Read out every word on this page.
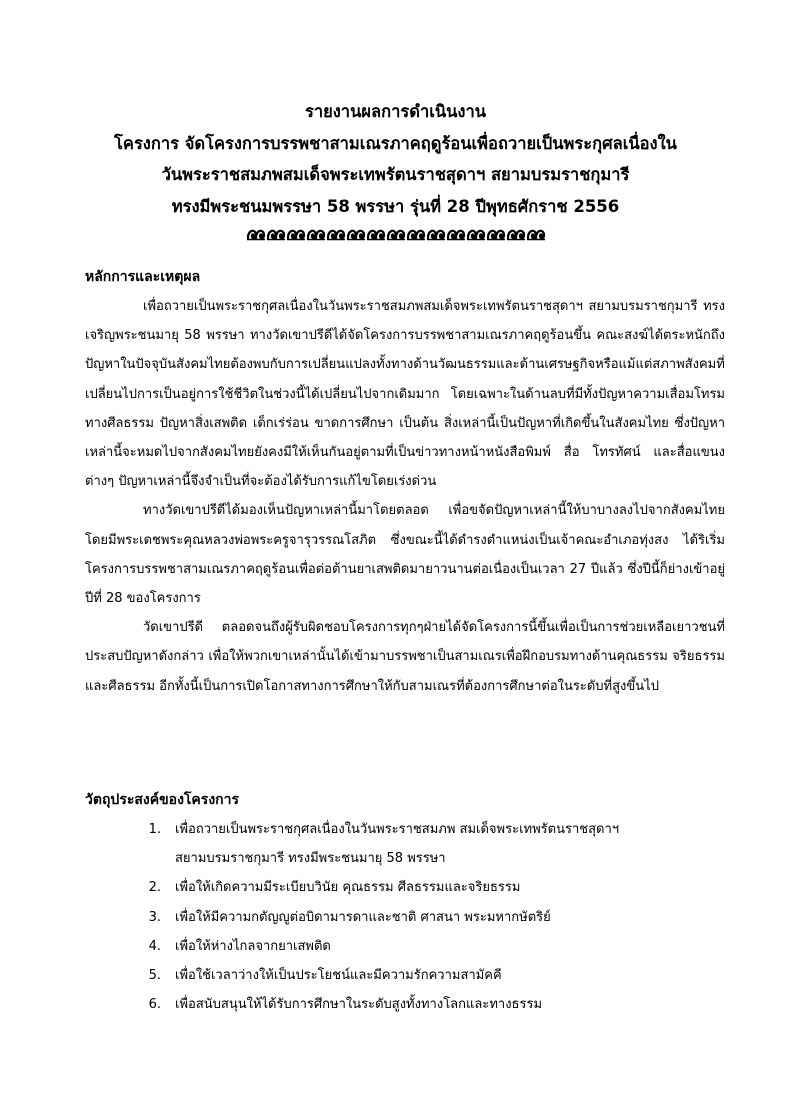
รายงานผลการดำเนินงาน
โครงการ จัดโครงการบรรพชาสามเณรภาคฤดูร้อนเพื่อถวายเป็นพระกุศลเนื่องใน
วันพระราชสมภพสมเด็จพระเทพรัตนราชสุดาฯ สยามบรมราชกุมารี
ทรงมีพระชนมพรรษา 58 พรรษา รุ่นที่ 28 ปีพุทธศักราช 2556
หลักการและเหตุผล

เพื่อถวายเป็นพระราชกุศลเนื่องในวันพระราชสมภพสมเด็จพระเทพรัตนราชสุดาฯ สยามบรมราชกุมารี ทรงเจริญพระชนมายุ 58 พรรษา ทางวัดเขาปรีดีได้จัดโครงการบรรพชาสามเณรภาคฤดูร้อนขึ้น คณะสงฆ์ได้ตระหนักถึงปัญหาในปัจจุบันสังคมไทยต้องพบกับการเปลี่ยนแปลงทั้งทางด้านวัฒนธรรมและด้านเศรษฐกิจหรือแม้แต่สภาพสังคมที่เปลี่ยนไปการเป็นอยู่การใช้ชีวิตในช่วงนี้ได้เปลี่ยนไปจากเดิมมาก โดยเฉพาะในด้านลบที่มีทั้งปัญหาความเสื่อมโทรมทางศีลธรรม ปัญหาสิ่งเสพติด เด็กเร่ร่อน ขาดการศึกษา เป็นต้น สิ่งเหล่านี้เป็นปัญหาที่เกิดขึ้นในสังคมไทย ซึ่งปัญหาเหล่านี้จะหมดไปจากสังคมไทยยังคงมีให้เห็นกันอยู่ตามที่เป็นข่าวทางหน้าหนังสือพิมพ์ สื่อ โทรทัศน์ และสื่อแขนงต่างๆ ปัญหาเหล่านี้จึงจำเป็นที่จะต้องได้รับการแก้ไขโดยเร่งด่วน

ทางวัดเขาปรีดีได้มองเห็นปัญหาเหล่านี้มาโดยตลอด เพื่อขจัดปัญหาเหล่านี้ให้บาบางลงไปจากสังคมไทย โดยมีพระเดชพระคุณหลวงพ่อพระครูจารุวรรณโสภิต ซึ่งขณะนี้ได้ดำรงตำแหน่งเป็นเจ้าคณะอำเภอทุ่งสง ได้ริเริ่มโครงการบรรพชาสามเณรภาคฤดูร้อนเพื่อต่อต้านยาเสพติดมายาวนานต่อเนื่องเป็นเวลา 27 ปีแล้ว ซึ่งปีนี้ก็ย่างเข้าอยู่ปีที่ 28 ของโครงการ

วัดเขาปรีดี ตลอดจนถึงผู้รับผิดชอบโครงการทุกๆฝ่ายได้จัดโครงการนี้ขึ้นเพื่อเป็นการช่วยเหลือเยาวชนที่ประสบปัญหาดังกล่าว เพื่อให้พวกเขาเหล่านั้นได้เข้ามาบรรพชาเป็นสามเณรเพื่อฝึกอบรมทางด้านคุณธรรม จริยธรรม และศีลธรรม อีกทั้งนี้เป็นการเปิดโอกาสทางการศึกษาให้กับสามเณรที่ต้องการศึกษาต่อในระดับที่สูงขึ้นไป

วัตถุประสงค์ของโครงการ
1.	เพื่อถวายเป็นพระราชกุศลเนื่องในวันพระราชสมภพ สมเด็จพระเทพรัตนราชสุดาฯ
สยามบรมราชกุมารี ทรงมีพระชนมายุ 58 พรรษา
2.	เพื่อให้เกิดความมีระเบียบวินัย คุณธรรม ศีลธรรมและจริยธรรม
3.	เพื่อให้มีความกตัญญูต่อบิดามารดาและชาติ ศาสนา พระมหากษัตริย์
4.	เพื่อให้ห่างไกลจากยาเสพติด
5.	เพื่อใช้เวลาว่างให้เป็นประโยชน์และมีความรักความสามัคคี
6.	เพื่อสนับสนุนให้ได้รับการศึกษาในระดับสูงทั้งทางโลกและทางธรรม
